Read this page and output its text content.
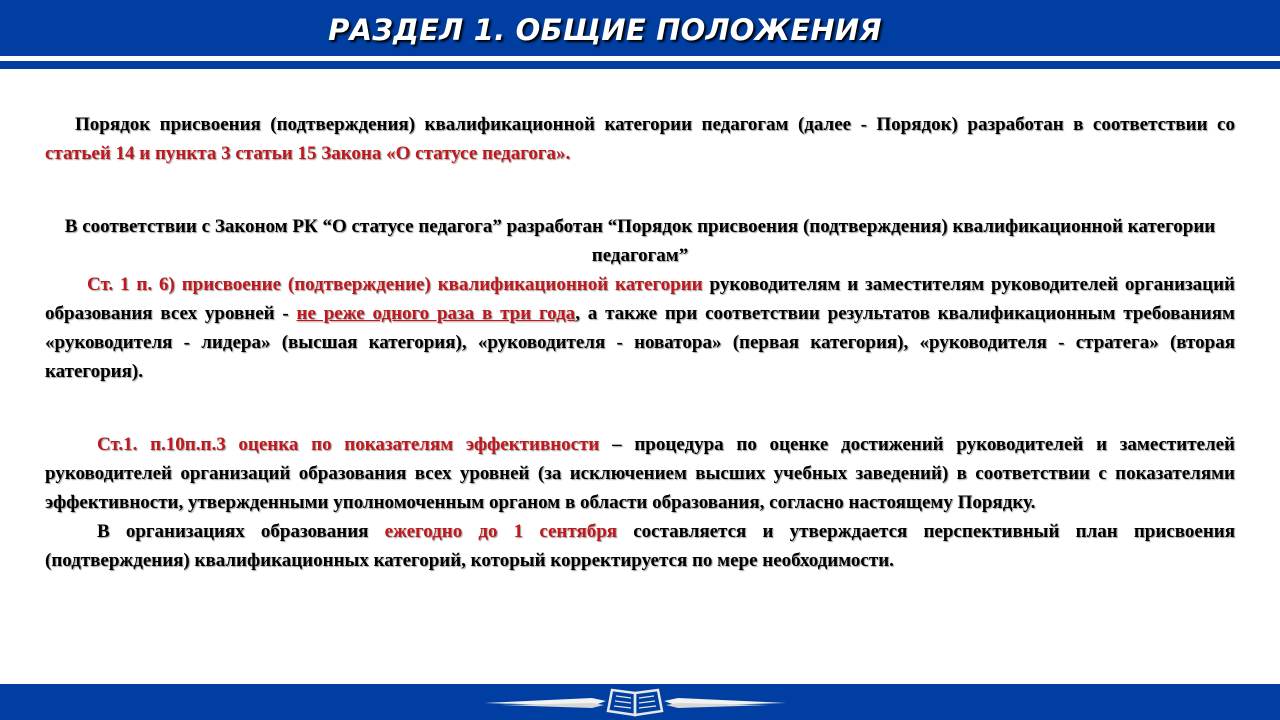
РАЗДЕЛ 1. ОБЩИЕ ПОЛОЖЕНИЯ

Порядок присвоения (подтверждения) квалификационной категории педагогам (далее - Порядок) разработан в соответствии со статьей 14 и пункта 3 статьи 15 Закона «О статусе педагога».

В соответствии с Законом РК “О статусе педагога” разработан “Порядок присвоения (подтверждения) квалификационной категории педагогам”

Ст. 1 п. 6) присвоение (подтверждение) квалификационной категории руководителям и заместителям руководителей организаций образования всех уровней - не реже одного раза в три года, а также при соответствии результатов квалификационным требованиям «руководителя - лидера» (высшая категория), «руководителя - новатора» (первая категория), «руководителя - стратега» (вторая категория).

Ст.1. п.10п.п.3 оценка по показателям эффективности – процедура по оценке достижений руководителей и заместителей руководителей организаций образования всех уровней (за исключением высших учебных заведений) в соответствии с показателями эффективности, утвержденными уполномоченным органом в области образования, согласно настоящему Порядку.

В организациях образования ежегодно до 1 сентября составляется и утверждается перспективный план присвоения (подтверждения) квалификационных категорий, который корректируется по мере необходимости.
